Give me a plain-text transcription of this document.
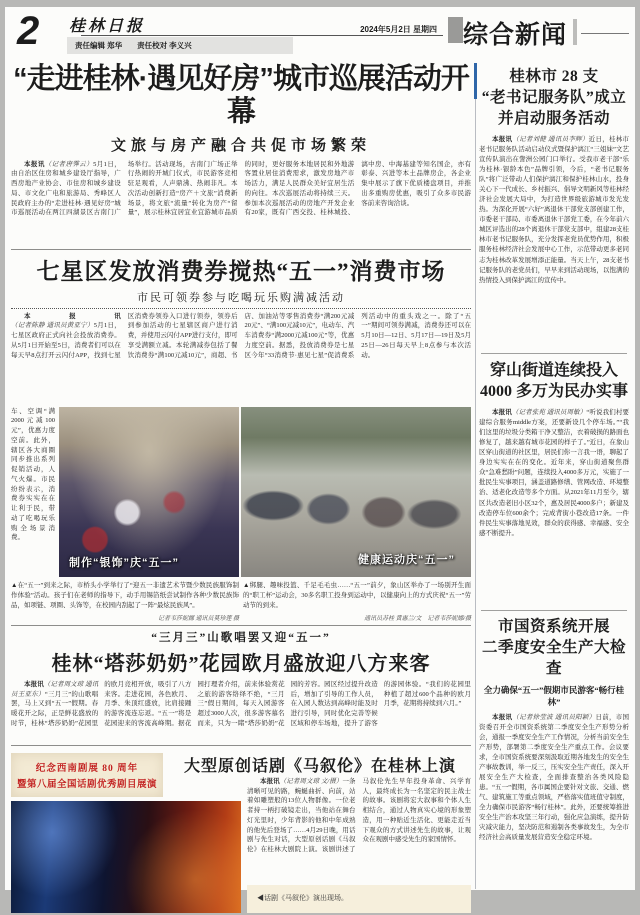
2 桂林日报
责任编辑 郑华　　责任校对 李义兴
2024年5月2日 星期四 综合新闻
“走进桂林·遇见好房”城市巡展活动开幕
文旅与房产融合共促市场繁荣

本报讯（记者唐霁云）5月1日，由自治区住房和城乡建设厅指导，广西房地产业协会、市住房和城乡建设局、市文化广电和旅游局、秀峰区人民政府主办的“走进桂林·遇见好房”城市巡展活动在两江四湖景区古南门广场举行。活动现场，古南门广场正举行热闹的开城门仪式，市民游客竞相驻足观看，人声鼎沸、热闹非凡。本次活动创新打造“房产＋文旅”消费新场景，将文旅“流量”转化为房产“留量”，展示桂林宜居宜业宜游城市品质的同时，更好服务本地居民和外地游客置业居住消费需求，激发房地产市场活力，满足人民群众美好宜居生活的向往。本次巡展活动将持续三天。参加本次巡展活动的房地产开发企业有20家，既有广西交投、桂林城投、漓中房、中海基建等知名国企，亦有彰泰、兴进等本土品牌房企，各企业集中展示了旗下优质楼盘项目，并推出多重购房优惠，吸引了众多市民游客前来咨询洽谈。

七星区发放消费券搅热“五一”消费市场
市民可领券参与吃喝玩乐购满减活动

本报讯（记者陈静 通讯员黄亚宁）5月1日，七星区政府正式向社会投放消费券。从5月1日开始至5日，消费者们可以在每天早8点打开云闪付APP，找到七星区消费券领券入口进行领券，领券后到参加活动的七星辖区商户进行消费，并使用云闪付APP进行支付，即可享受满额立减。本轮满减券包括了餐饮消费券“满100元减10元”，商超、书店、加油站等零售消费券“满200元减20元”、“满100元减10元”，电动车、汽车消费券“满2000元减100元”等，优惠力度空前。据悉，投放消费券是七星区今年“33消费节·惠见七星”促消费系列活动中的重头戏之一。除了“五一”期间可领券满减，消费券还可以在5月10日—12日、5月17日—19日及5月25日—26日每天早上8点参与本次活动。

车、空调“满2000元减100元”，优惠力度空前。此外，辖区各大商圈同步推出系列促销活动，人气火爆。市民纷纷表示，消费券实实在在让利于民，带动了吃喝玩乐购全场景消费。
制作“银饰”庆“五一”	健康运动庆“五一”
▲在“五一”到来之际，市桥头小学举行了“迎五一非遗艺术节暨少数民族服饰制作体验”活动。孩子们在老师的指导下，动手用锡箔纸尝试制作各种少数民族饰品，如项链、项圈、头饰等，在校园内刮起了一阵“最炫民族风”。
记者韦莎妮娜 通讯员莫珍莲 摄
▲绑腿、趣味投篮、千足毛毛虫……“五一”前夕，象山区举办了一场别开生面的“职工杯”运动会，30多名职工投身到运动中，以健康向上的方式庆祝“五一”劳动节的到来。
通讯员苏桂 黄惠兰/文　记者韦莎妮娜/摄
“三月三”山歌唱罢又迎“五一”
桂林“塔莎奶奶”花园欧月盛放迎八方来客

本报讯（记者周文琼 通讯员王亚东）“三月三”的山歌唱罢，马上又到“五一”假期。春暖花开之际，正是鲜花盛放的时节，桂林“塔莎奶奶”花园里的欧月竞相开放，吸引了八方来客。走进花园，各色欧月、月季、朱顶红盛放，比肩接踵的游客流连忘返。“五一”将是花园迎来的客流高峰期。据花园打理者介绍，前来体验赏花之旅的游客络绎不绝，“三月三”假日期间，每天入园游客超过3000人次，很多游客慕名而来，只为一睹“塔莎奶奶”花园的芳容。园区经过提升改造后，增加了引导的工作人员，在入园人数达到高峰时能及时进行引导，同时优化完善等候区域和停车场地，提升了游客的游园体验。“我们的花园里种植了超过600个品种的欧月月季，花期将持续到六月。”

纪念西南剧展 80 周年
暨第八届全国话剧优秀剧目展演
大型原创话剧《马叙伦》在桂林上演

本报讯（记者周文琼 文/摄）一条清晰可见的路，蜿蜒曲折、向前，站着如雕塑般的13位人物群像。一位老者持一柄打破镜走出，当他站在舞台灯光里时，少年背影的他和中年成熟的他先后登场了……4月29日晚，用话剧与先生对话，大型原创话剧《马叙伦》在桂林大剧院上演。该剧讲述了马叙伦先生早年投身革命、兴学育人，最终成长为一名坚定的民主战士的故事。该剧将宏大叙事和个体人生相结合，通过人物真实心境的形象塑造，用一种贴近生活化、更能走近当下观众的方式讲述先生的故事，让观众在观剧中感受先生的家国情怀。

◀话剧《马叙伦》演出现场。
桂林市 28 支
“老书记服务队”成立
并启动服务活动

本报讯（记者刘健 通讯员李辉）近日，桂林市老书记服务队活动启动仪式暨保护漓江“三姐妹”文艺宣传队演出在訾洲公园门口举行。受我市老干部“乐为桂林·银龄本色”品牌引领，今后，“老书记服务队”将广泛带动人们保护漓江和保护桂林山水，投身关心下一代成长、乡村振兴、倡导文明新风等桂林经济社会发展大局中，为打造世界级旅游城市发光发热。为深化开展“六好”离退休干部党支部创建工作，市委老干部局、市委离退休干部党工委，在今年前六城区评选出的28个离退休干部党支部中，组建28支桂林市老书记服务队，充分发挥老党员优势作用，积极服务桂林经济社会发展中心工作，示范带动更多老同志为桂林改革发展增添正能量。当天上午，28支老书记服务队的老党员们，早早来到活动现场，以饱满的热情投入到保护漓江的宣传中。

穿山街道连续投入
4000 多万为民办实事

本报讯（记者张苑 通讯员周敏）“听说我们村要建综合服务middle方案，还要新设几个停车场。”“我们这里的垃圾分类箱干净又整洁，衣着破损的路面也修复了，越来越有城市花园的样子了。”近日，在象山区穿山街道的社区里，居民们你一言我一语，聊起了身边实实在在的变化。近年来，穿山街道聚焦群众“急难愁盼”问题，连续投入4000多万元，实施了一批民生实事项目，涵盖道路修缮、管网改造、环境整治、适老化改造等多个方面。从2021年11月至今，辖区共改造老旧小区32个，惠及居民4000多户；新建及改造停车位600余个；完成背街小巷改造17条。一件件民生实事落地见效，群众的获得感、幸福感、安全感不断提升。

市国资系统开展
二季度安全生产大检查
全力确保“五一”假期市民游客“畅行桂林”

本报讯（记者徐莹波 通讯员阳颖）日前，市国资委召开全市国资系统第二季度安全生产形势分析会，通报一季度安全生产工作情况，分析当前安全生产形势，部署第二季度安全生产重点工作。会议要求，全市国资系统要深刻汲取近期各地发生的安全生产事故教训，举一反三，压实安全生产责任，深入开展安全生产大检查，全面排查整治各类风险隐患。“五一”假期，各市属国企要针对文旅、交通、燃气、建筑施工等重点领域，严格落实值班值守制度，全力确保市民游客“畅行桂林”。此外，还要统筹推进安全生产治本攻坚三年行动，强化应急演练，提升防灾减灾能力，坚决防范和遏制各类事故发生，为全市经济社会高质量发展营造安全稳定环境。
